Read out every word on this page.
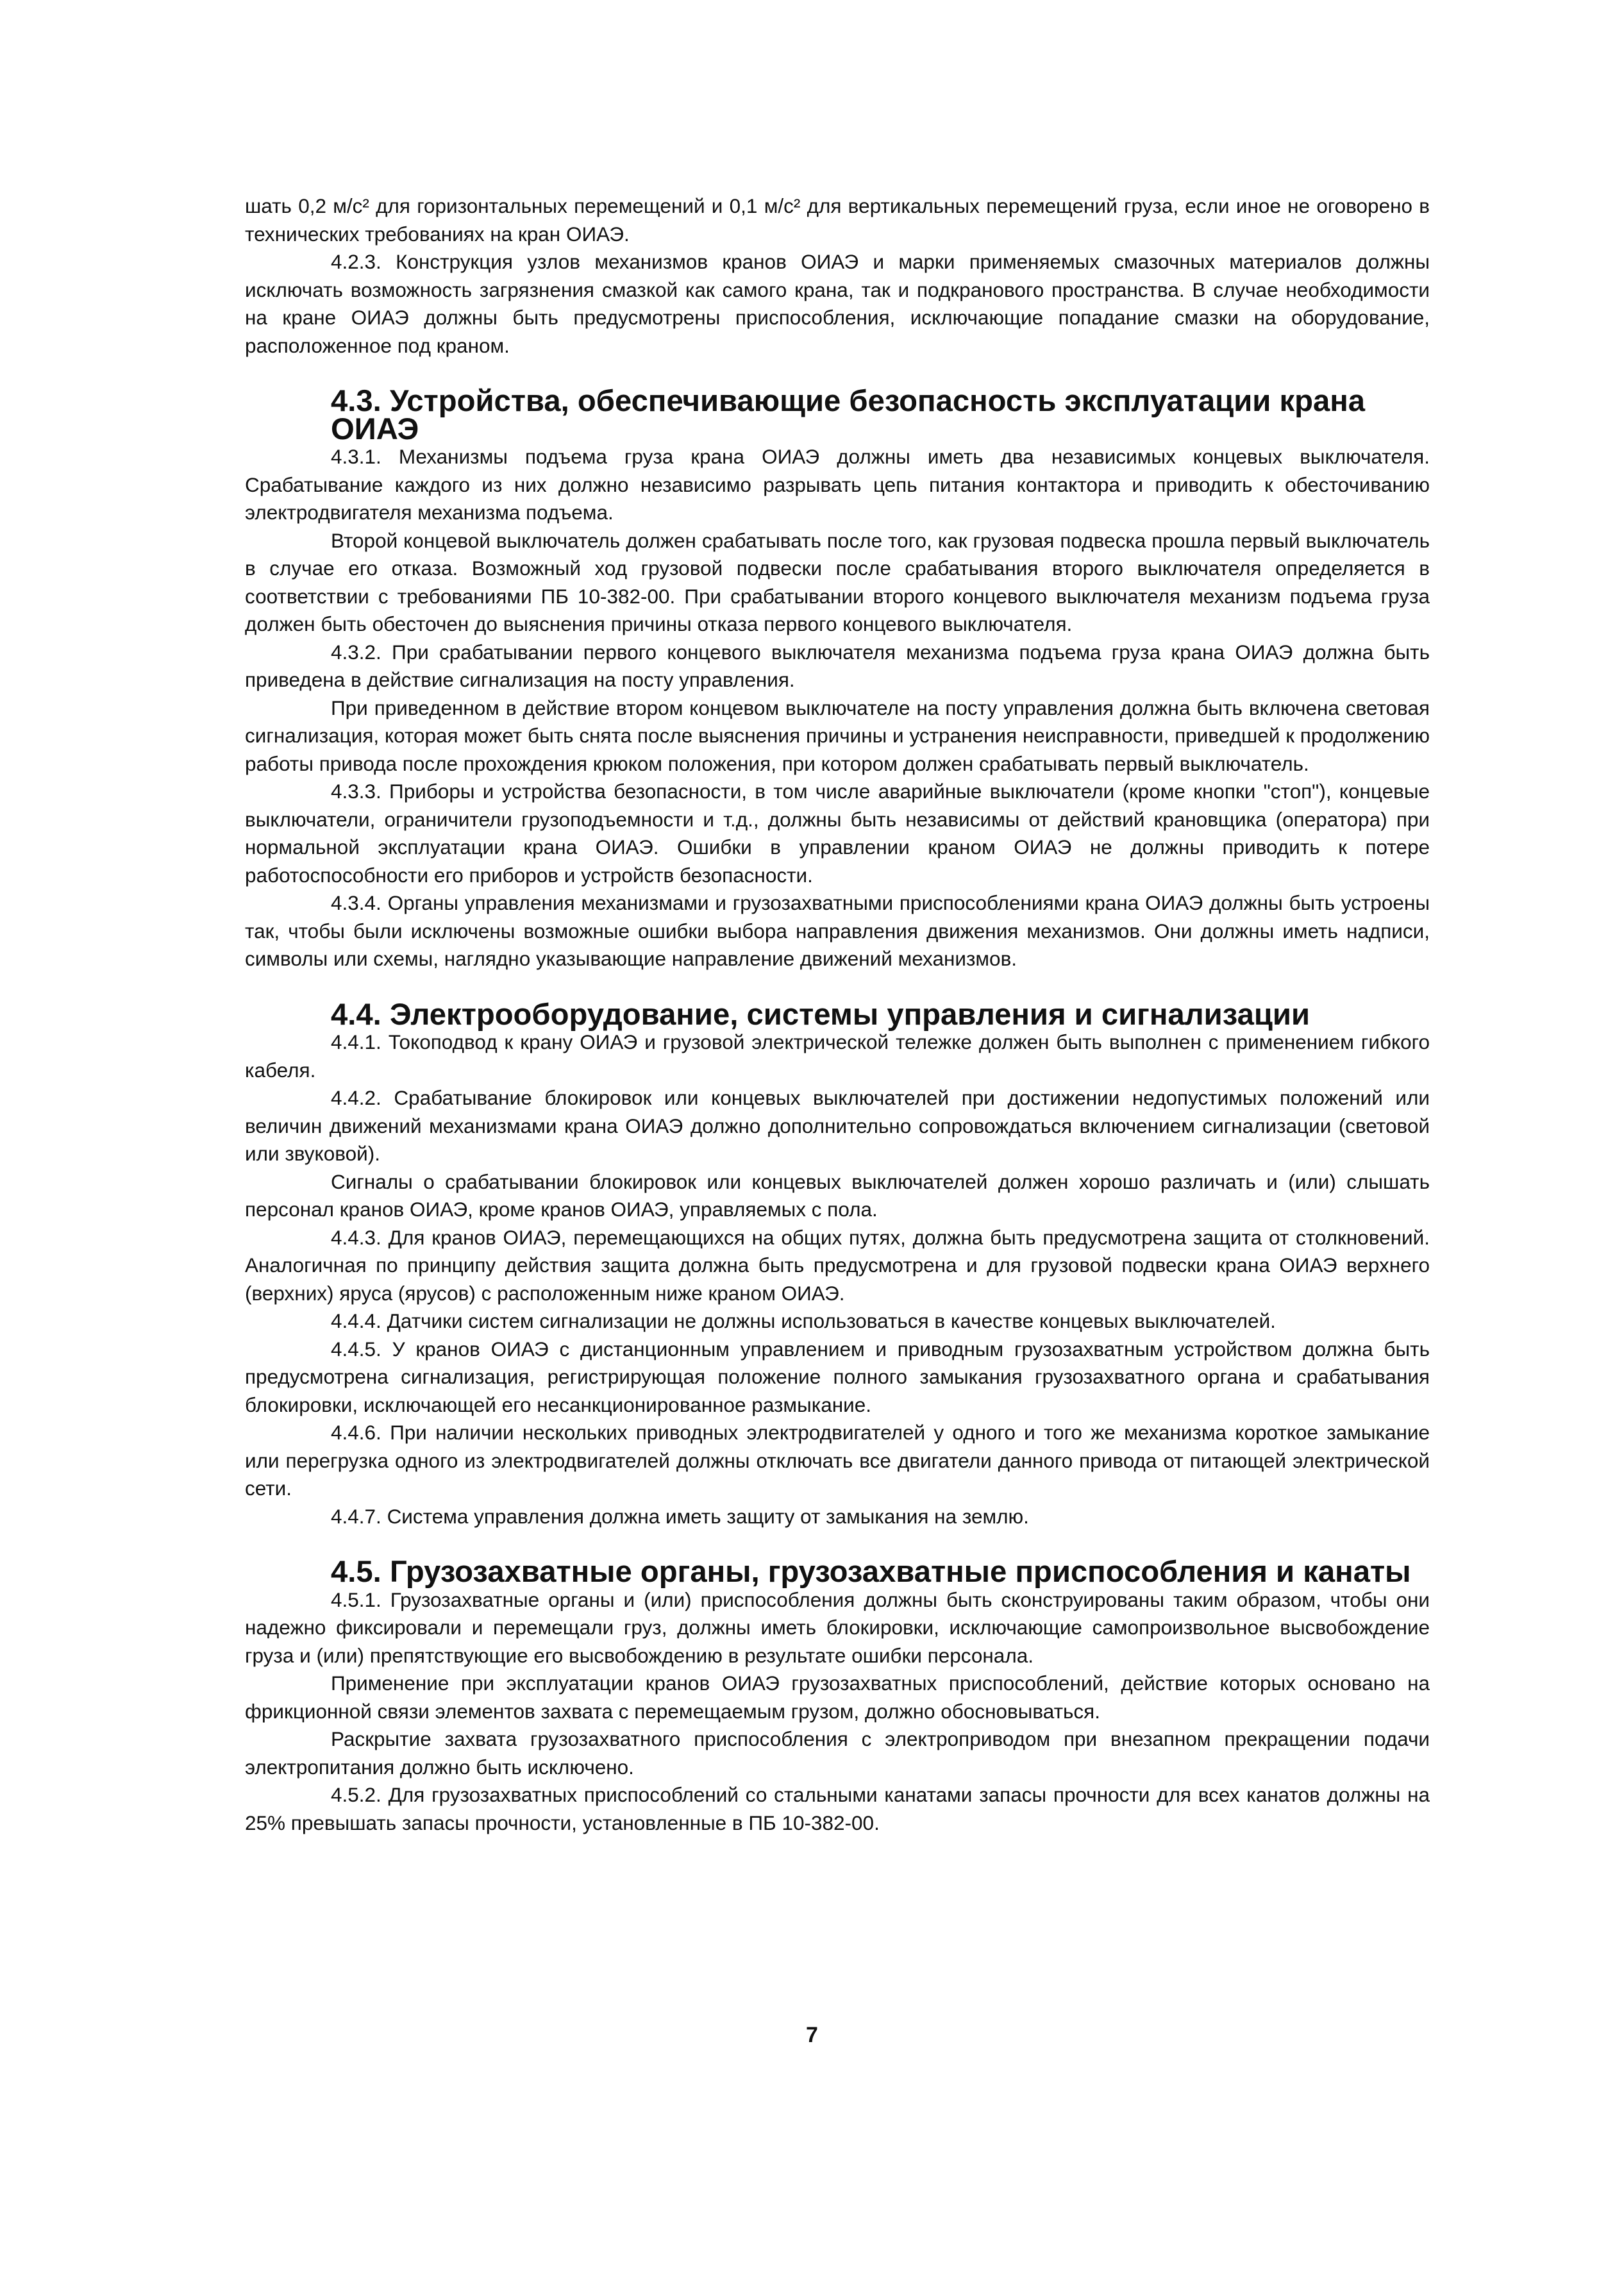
шать 0,2 м/с² для горизонтальных перемещений и 0,1 м/с² для вертикальных перемещений груза, если иное не оговорено в технических требованиях на кран ОИАЭ.

4.2.3. Конструкция узлов механизмов кранов ОИАЭ и марки применяемых смазочных материалов должны исключать возможность загрязнения смазкой как самого крана, так и подкранового пространства. В случае необходимости на кране ОИАЭ должны быть предусмотрены приспособления, исключающие попадание смазки на оборудование, расположенное под краном.

4.3. Устройства, обеспечивающие безопасность эксплуатации крана ОИАЭ

4.3.1. Механизмы подъема груза крана ОИАЭ должны иметь два независимых концевых выключателя. Срабатывание каждого из них должно независимо разрывать цепь питания контактора и приводить к обесточиванию электродвигателя механизма подъема.

Второй концевой выключатель должен срабатывать после того, как грузовая подвеска прошла первый выключатель в случае его отказа. Возможный ход грузовой подвески после срабатывания второго выключателя определяется в соответствии с требованиями ПБ 10-382-00. При срабатывании второго концевого выключателя механизм подъема груза должен быть обесточен до выяснения причины отказа первого концевого выключателя.

4.3.2. При срабатывании первого концевого выключателя механизма подъема груза крана ОИАЭ должна быть приведена в действие сигнализация на посту управления.

При приведенном в действие втором концевом выключателе на посту управления должна быть включена световая сигнализация, которая может быть снята после выяснения причины и устранения неисправности, приведшей к продолжению работы привода после прохождения крюком положения, при котором должен срабатывать первый выключатель.

4.3.3. Приборы и устройства безопасности, в том числе аварийные выключатели (кроме кнопки "стоп"), концевые выключатели, ограничители грузоподъемности и т.д., должны быть независимы от действий крановщика (оператора) при нормальной эксплуатации крана ОИАЭ. Ошибки в управлении краном ОИАЭ не должны приводить к потере работоспособности его приборов и устройств безопасности.

4.3.4. Органы управления механизмами и грузозахватными приспособлениями крана ОИАЭ должны быть устроены так, чтобы были исключены возможные ошибки выбора направления движения механизмов. Они должны иметь надписи, символы или схемы, наглядно указывающие направление движений механизмов.

4.4. Электрооборудование, системы управления и сигнализации

4.4.1. Токоподвод к крану ОИАЭ и грузовой электрической тележке должен быть выполнен с применением гибкого кабеля.

4.4.2. Срабатывание блокировок или концевых выключателей при достижении недопустимых положений или величин движений механизмами крана ОИАЭ должно дополнительно сопровождаться включением сигнализации (световой или звуковой).

Сигналы о срабатывании блокировок или концевых выключателей должен хорошо различать и (или) слышать персонал кранов ОИАЭ, кроме кранов ОИАЭ, управляемых с пола.

4.4.3. Для кранов ОИАЭ, перемещающихся на общих путях, должна быть предусмотрена защита от столкновений. Аналогичная по принципу действия защита должна быть предусмотрена и для грузовой подвески крана ОИАЭ верхнего (верхних) яруса (ярусов) с расположенным ниже краном ОИАЭ.

4.4.4. Датчики систем сигнализации не должны использоваться в качестве концевых выключателей.

4.4.5. У кранов ОИАЭ с дистанционным управлением и приводным грузозахватным устройством должна быть предусмотрена сигнализация, регистрирующая положение полного замыкания грузозахватного органа и срабатывания блокировки, исключающей его несанкционированное размыкание.

4.4.6. При наличии нескольких приводных электродвигателей у одного и того же механизма короткое замыкание или перегрузка одного из электродвигателей должны отключать все двигатели данного привода от питающей электрической сети.

4.4.7. Система управления должна иметь защиту от замыкания на землю.

4.5. Грузозахватные органы, грузозахватные приспособления и канаты

4.5.1. Грузозахватные органы и (или) приспособления должны быть сконструированы таким образом, чтобы они надежно фиксировали и перемещали груз, должны иметь блокировки, исключающие самопроизвольное высвобождение груза и (или) препятствующие его высвобождению в результате ошибки персонала.

Применение при эксплуатации кранов ОИАЭ грузозахватных приспособлений, действие которых основано на фрикционной связи элементов захвата с перемещаемым грузом, должно обосновываться.

Раскрытие захвата грузозахватного приспособления с электроприводом при внезапном прекращении подачи электропитания должно быть исключено.

4.5.2. Для грузозахватных приспособлений со стальными канатами запасы прочности для всех канатов должны на 25% превышать запасы прочности, установленные в ПБ 10-382-00.

7
